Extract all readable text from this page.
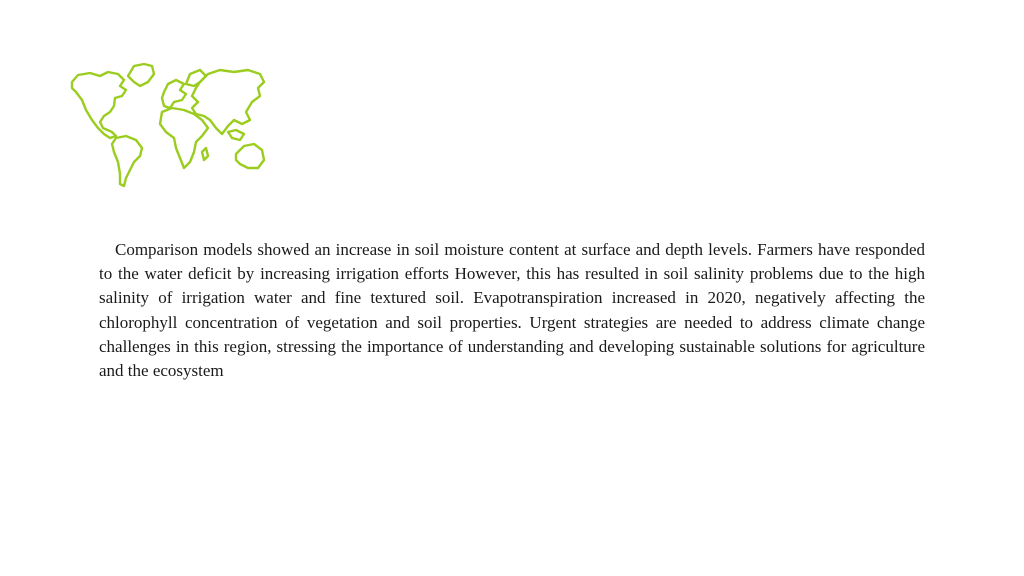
Comparison models showed an increase in soil moisture content at surface and depth levels. Farmers have responded to the water deficit by increasing irrigation efforts However, this has resulted in soil salinity problems due to the high salinity of irrigation water and fine textured soil. Evapotranspiration increased in 2020, negatively affecting the chlorophyll concentration of vegetation and soil properties. Urgent strategies are needed to address climate change challenges in this region, stressing the importance of understanding and developing sustainable solutions for agriculture and the ecosystem
